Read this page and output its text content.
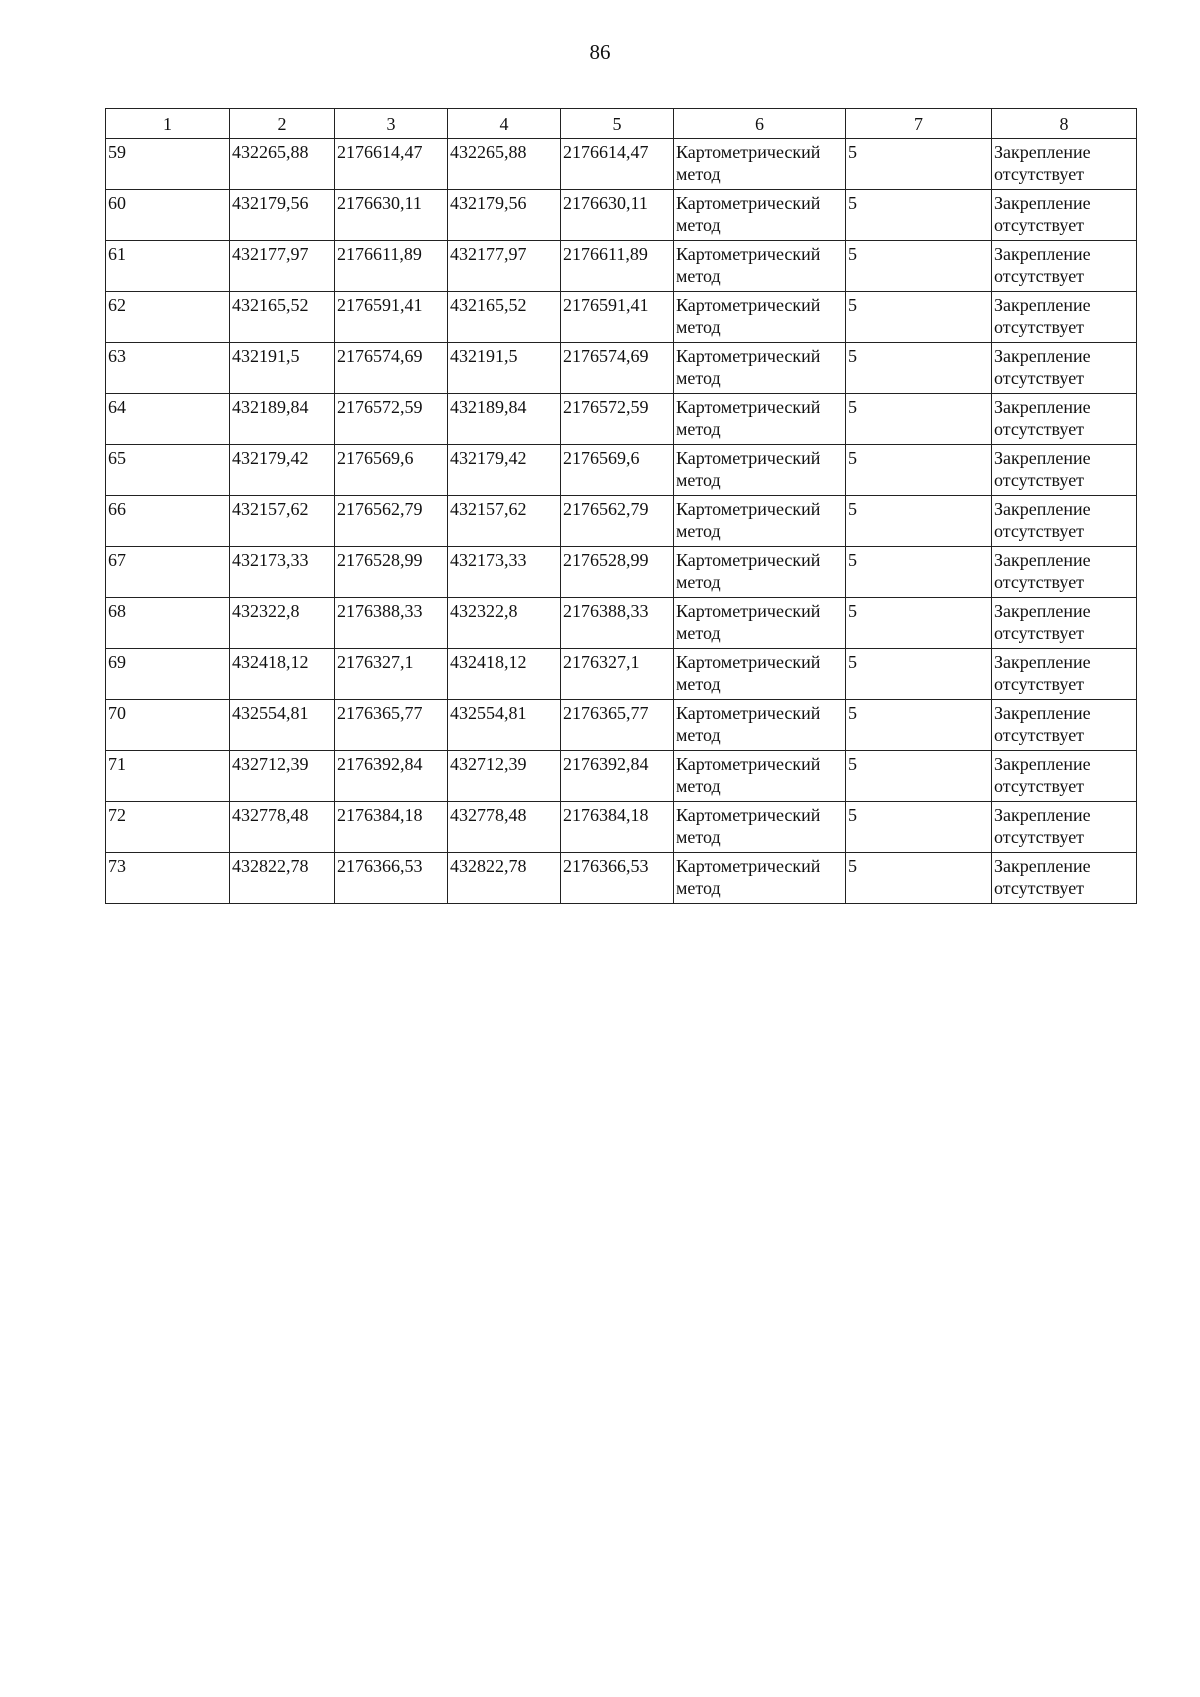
86
1	2	3	4	5	6	7	8
59	432265,88	2176614,47	432265,88	2176614,47	Картометрический метод	5	Закрепление отсутствует
60	432179,56	2176630,11	432179,56	2176630,11	Картометрический метод	5	Закрепление отсутствует
61	432177,97	2176611,89	432177,97	2176611,89	Картометрический метод	5	Закрепление отсутствует
62	432165,52	2176591,41	432165,52	2176591,41	Картометрический метод	5	Закрепление отсутствует
63	432191,5	2176574,69	432191,5	2176574,69	Картометрический метод	5	Закрепление отсутствует
64	432189,84	2176572,59	432189,84	2176572,59	Картометрический метод	5	Закрепление отсутствует
65	432179,42	2176569,6	432179,42	2176569,6	Картометрический метод	5	Закрепление отсутствует
66	432157,62	2176562,79	432157,62	2176562,79	Картометрический метод	5	Закрепление отсутствует
67	432173,33	2176528,99	432173,33	2176528,99	Картометрический метод	5	Закрепление отсутствует
68	432322,8	2176388,33	432322,8	2176388,33	Картометрический метод	5	Закрепление отсутствует
69	432418,12	2176327,1	432418,12	2176327,1	Картометрический метод	5	Закрепление отсутствует
70	432554,81	2176365,77	432554,81	2176365,77	Картометрический метод	5	Закрепление отсутствует
71	432712,39	2176392,84	432712,39	2176392,84	Картометрический метод	5	Закрепление отсутствует
72	432778,48	2176384,18	432778,48	2176384,18	Картометрический метод	5	Закрепление отсутствует
73	432822,78	2176366,53	432822,78	2176366,53	Картометрический метод	5	Закрепление отсутствует
